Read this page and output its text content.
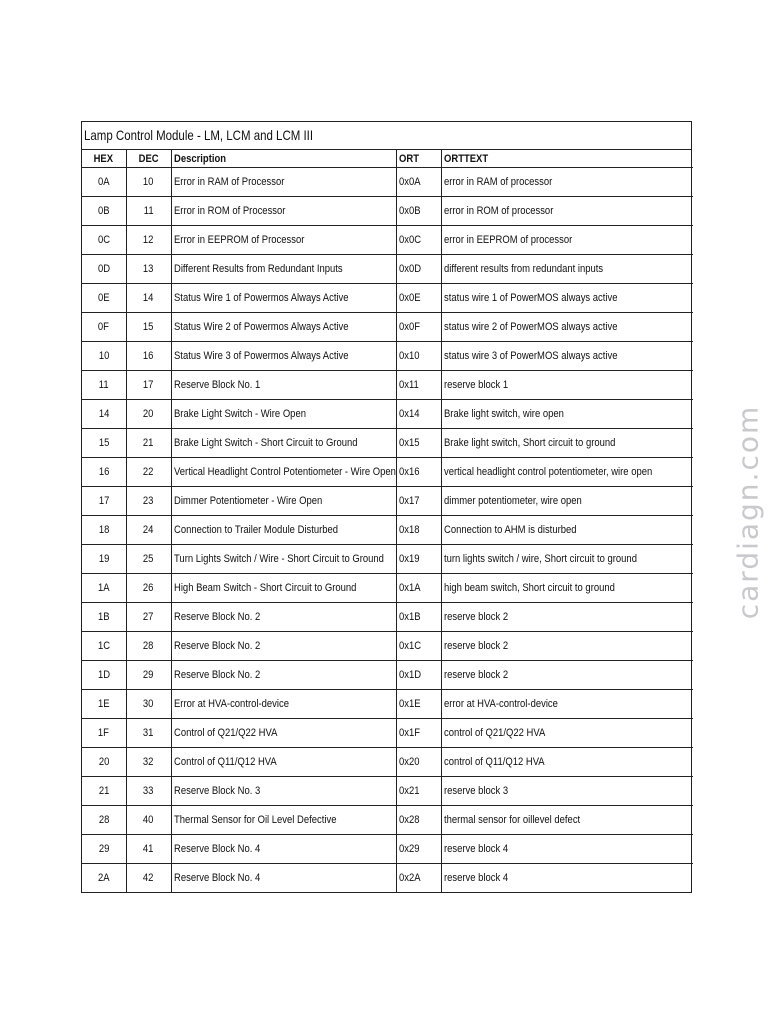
Lamp Control Module - LM, LCM and LCM III
HEX	DEC	Description	ORT	ORTTEXT
0A	10	Error in RAM of Processor	0x0A	error in RAM of processor
0B	11	Error in ROM of Processor	0x0B	error in ROM of processor
0C	12	Error in EEPROM of Processor	0x0C	error in EEPROM of processor
0D	13	Different Results from Redundant Inputs	0x0D	different results from redundant inputs
0E	14	Status Wire 1 of Powermos Always Active	0x0E	status wire 1 of PowerMOS always active
0F	15	Status Wire 2 of Powermos Always Active	0x0F	status wire 2 of PowerMOS always active
10	16	Status Wire 3 of Powermos Always Active	0x10	status wire 3 of PowerMOS always active
11	17	Reserve Block No. 1	0x11	reserve block 1
14	20	Brake Light Switch - Wire Open	0x14	Brake light switch, wire open
15	21	Brake Light Switch - Short Circuit to Ground	0x15	Brake light switch, Short circuit to ground
16	22	Vertical Headlight Control Potentiometer - Wire Open	0x16	vertical headlight control potentiometer, wire open
17	23	Dimmer Potentiometer - Wire Open	0x17	dimmer potentiometer, wire open
18	24	Connection to Trailer Module Disturbed	0x18	Connection to AHM is disturbed
19	25	Turn Lights Switch / Wire - Short Circuit to Ground	0x19	turn lights switch / wire, Short circuit to ground
1A	26	High Beam Switch - Short Circuit to Ground	0x1A	high beam switch, Short circuit to ground
1B	27	Reserve Block No. 2	0x1B	reserve block 2
1C	28	Reserve Block No. 2	0x1C	reserve block 2
1D	29	Reserve Block No. 2	0x1D	reserve block 2
1E	30	Error at HVA-control-device	0x1E	error at HVA-control-device
1F	31	Control of Q21/Q22 HVA	0x1F	control of Q21/Q22 HVA
20	32	Control of Q11/Q12 HVA	0x20	control of Q11/Q12 HVA
21	33	Reserve Block No. 3	0x21	reserve block 3
28	40	Thermal Sensor for Oil Level Defective	0x28	thermal sensor for oillevel defect
29	41	Reserve Block No. 4	0x29	reserve block 4
2A	42	Reserve Block No. 4	0x2A	reserve block 4
cardiagn.com
